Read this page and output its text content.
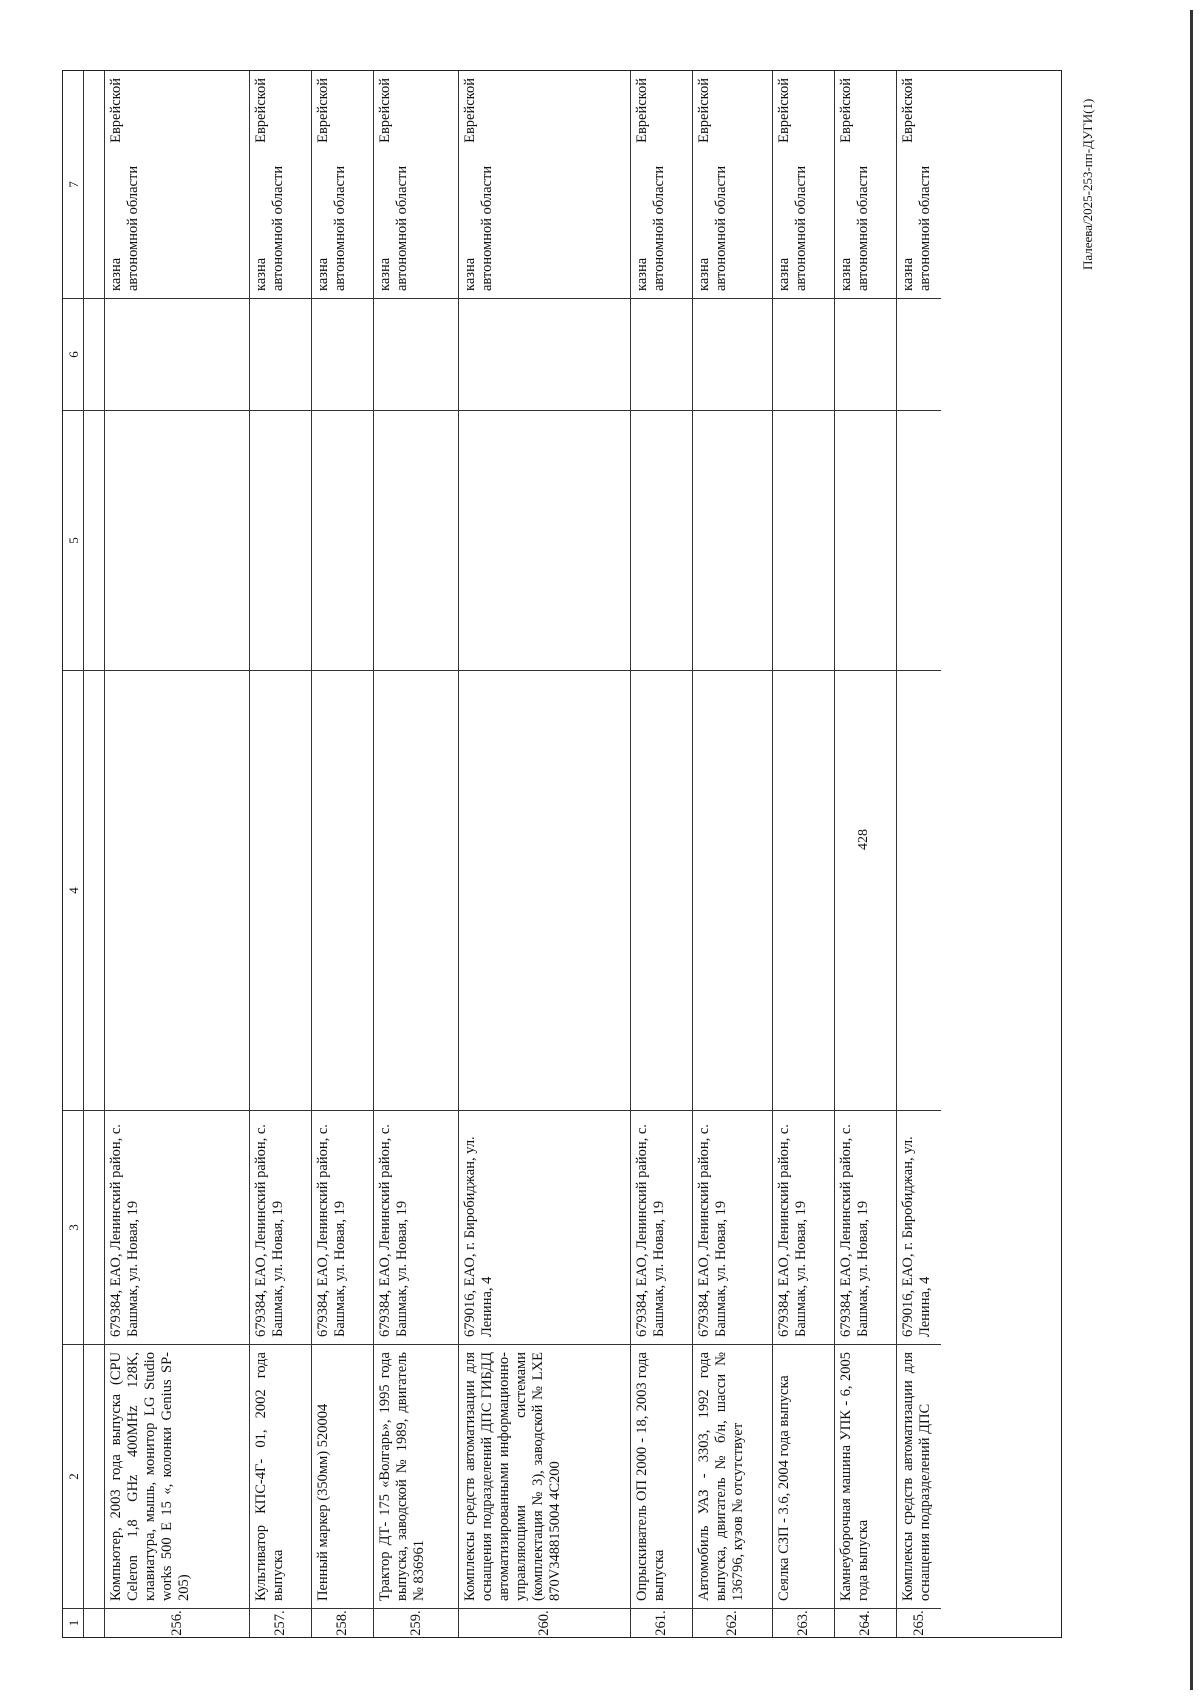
428
1
2
3
4
5
6
7
256.
Компьютер, 2003 года выпуска (CPU Celeron 1,8 GHz 400MHz 128K, клавиатура, мышь, монитор LG Studio works 500 E 15 «, колонки Genius SP-205)
679384, ЕАО, Ленинский район, с. Башмак, ул. Новая, 19
казна
Еврейской
автономной области
257.
Культиватор КПС-4Г- 01, 2002 года выпуска
679384, ЕАО, Ленинский район, с. Башмак, ул. Новая, 19
казна
Еврейской
автономной области
258.
Пенный маркер (350мм) 520004
679384, ЕАО, Ленинский район, с. Башмак, ул. Новая, 19
казна
Еврейской
автономной области
259.
Трактор ДТ- 175 «Волгарь», 1995 года выпуска, заводской № 1989, двигатель № 836961
679384, ЕАО, Ленинский район, с. Башмак, ул. Новая, 19
казна
Еврейской
автономной области
260.
Комплексы средств автоматизации для оснащения подразделений ДПС ГИБДД автоматизированными информационно-управляющими системами (комплектация № 3), заводской № LXE 870V348815004 4C200
679016, ЕАО, г. Биробиджан, ул. Ленина, 4
казна
Еврейской
автономной области
261.
Опрыскиватель ОП 2000 - 18, 2003 года выпуска
679384, ЕАО, Ленинский район, с. Башмак, ул. Новая, 19
казна
Еврейской
автономной области
262.
Автомобиль УАЗ - 3303, 1992 года выпуска, двигатель № б/н, шасси № 136796, кузов № отсутствует
679384, ЕАО, Ленинский район, с. Башмак, ул. Новая, 19
казна
Еврейской
автономной области
263.
Сеялка СЗП - 3.6, 2004 года выпуска
679384, ЕАО, Ленинский район, с. Башмак, ул. Новая, 19
казна
Еврейской
автономной области
264.
Камнеуборочная машина УПК - 6, 2005 года выпуска
679384, ЕАО, Ленинский район, с. Башмак, ул. Новая, 19
казна
Еврейской
автономной области
265.
Комплексы средств автоматизации для оснащения подразделений ДПС
679016, ЕАО, г. Биробиджан, ул. Ленина, 4
казна
Еврейской
автономной области	Палеева/2025-253-пп-ДУГИ(1)
